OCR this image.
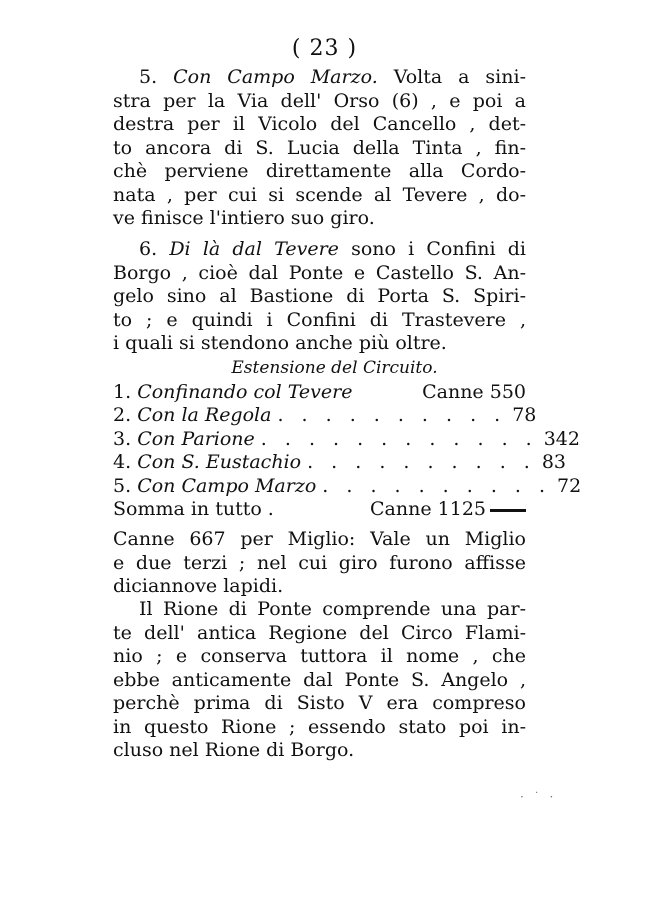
( 23 )
5. Con Campo Marzo. Volta a sini-
stra per la Via dell' Orso (6) , e poi a
destra per il Vicolo del Cancello , det-
to ancora di S. Lucia della Tinta , fin-
chè perviene direttamente alla Cordo-
nata , per cui si scende al Tevere , do-
ve finisce l'intiero suo giro.
6. Di là dal Tevere sono i Confini di
Borgo , cioè dal Ponte e Castello S. An-
gelo sino al Bastione di Porta S. Spiri-
to ; e quindi i Confini di Trastevere ,
i quali si stendono anche più oltre.
Estensione del Circuito.
1. Confinando col Tevere	Canne 550
2. Con la Regola . . . . . . . . . . 78
3. Con Parione . . . . . . . . . . . . 342
4. Con S. Eustachio . . . . . . . . . . 83
5. Con Campo Marzo . . . . . . . . . . 72
Somma in tutto .	Canne 1125
Canne 667 per Miglio: Vale un Miglio
e due terzi ; nel cui giro furono affisse
diciannove lapidi.
Il Rione di Ponte comprende una par-
te dell' antica Regione del Circo Flami-
nio ; e conserva tuttora il nome , che
ebbe anticamente dal Ponte S. Angelo ,
perchè prima di Sisto V era compreso
in questo Rione ; essendo stato poi in-
cluso nel Rione di Borgo.
· ˙ ·
